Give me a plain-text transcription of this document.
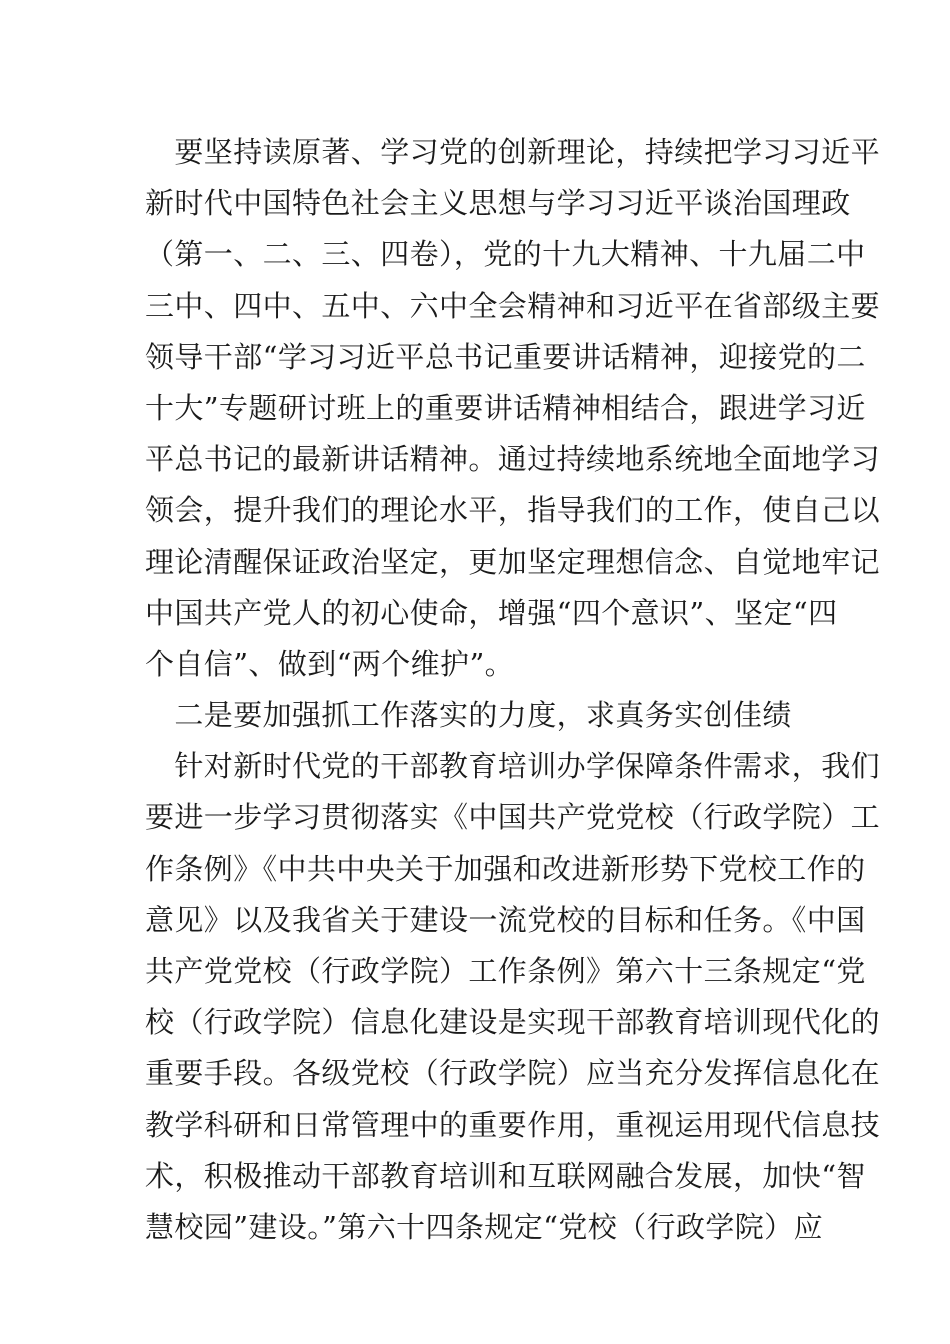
　要坚持读原著、学习党的创新理论，持续把学习习近平
新时代中国特色社会主义思想与学习习近平谈治国理政
（第一、二、三、四卷），党的十九大精神、十九届二中
三中、四中、五中、六中全会精神和习近平在省部级主要
领导干部“学习习近平总书记重要讲话精神，迎接党的二
十大”专题研讨班上的重要讲话精神相结合，跟进学习近
平总书记的最新讲话精神。通过持续地系统地全面地学习
领会，提升我们的理论水平，指导我们的工作，使自己以
理论清醒保证政治坚定，更加坚定理想信念、自觉地牢记
中国共产党人的初心使命，增强“四个意识”、坚定“四
个自信”、做到“两个维护”。
　二是要加强抓工作落实的力度，求真务实创佳绩
　针对新时代党的干部教育培训办学保障条件需求，我们
要进一步学习贯彻落实《中国共产党党校（行政学院）工
作条例》《中共中央关于加强和改进新形势下党校工作的
意见》以及我省关于建设一流党校的目标和任务。《中国
共产党党校（行政学院）工作条例》第六十三条规定“党
校（行政学院）信息化建设是实现干部教育培训现代化的
重要手段。各级党校（行政学院）应当充分发挥信息化在
教学科研和日常管理中的重要作用，重视运用现代信息技
术，积极推动干部教育培训和互联网融合发展，加快“智
慧校园”建设。”第六十四条规定“党校（行政学院）应
